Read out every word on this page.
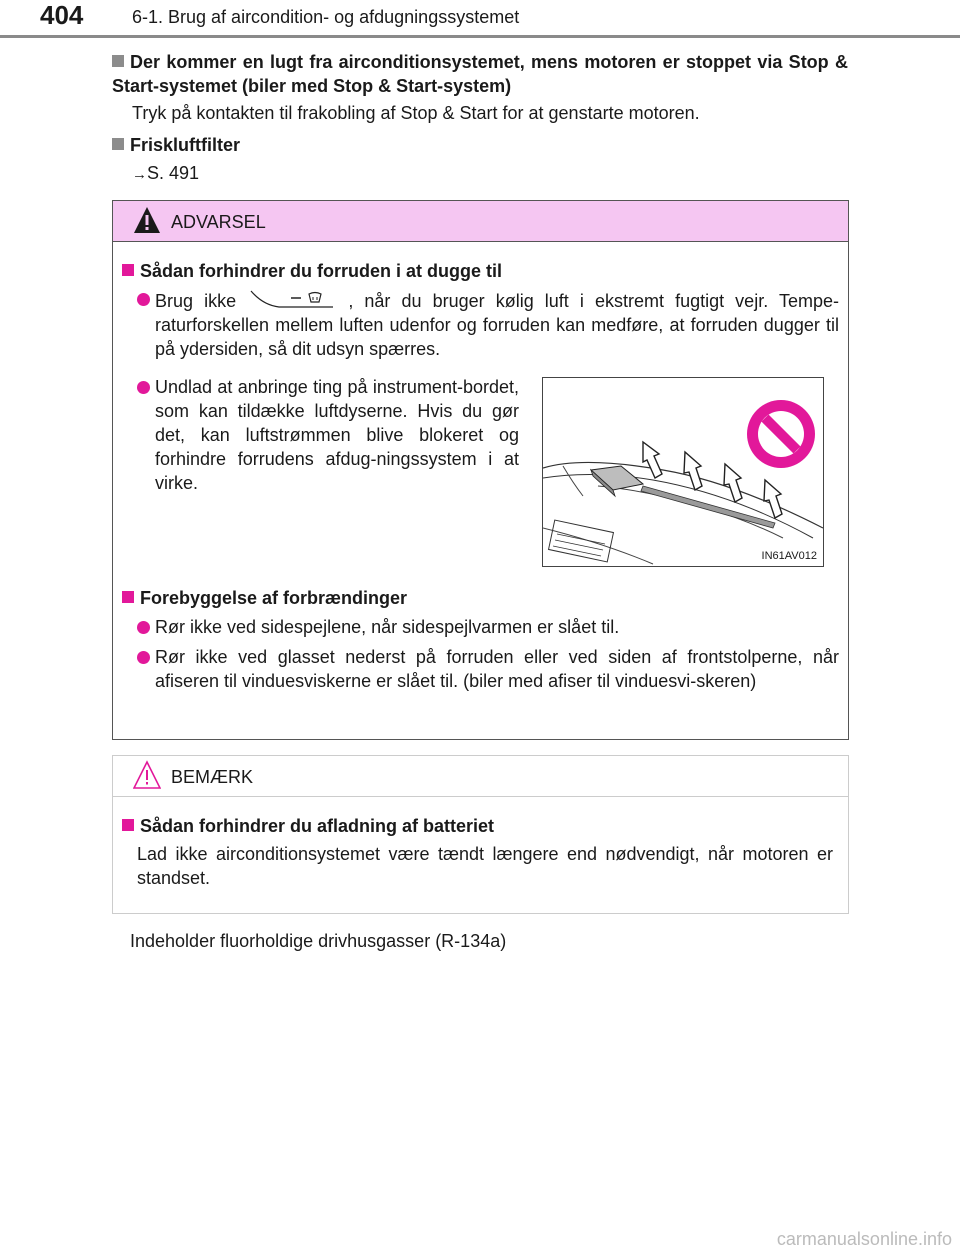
404	6-1. Brug af aircondition- og afdugningssystemet
Der kommer en lugt fra airconditionsystemet, mens motoren er stoppet via Stop & Start-systemet (biler med Stop & Start-system)
Tryk på kontakten til frakobling af Stop & Start for at genstarte motoren.
Friskluftfilter
→S. 491
ADVARSEL
Sådan forhindrer du forruden i at dugge til
Brug ikke	, når du bruger kølig luft i ekstremt fugtigt vejr. Tempe-raturforskellen mellem luften udenfor og forruden kan medføre, at forruden dugger til på ydersiden, så dit udsyn spærres.
Undlad at anbringe ting på instrument-bordet, som kan tildække luftdyserne. Hvis du gør det, kan luftstrømmen blive blokeret og forhindre forrudens afdug-ningssystem i at virke.
IN61AV012
Forebyggelse af forbrændinger
Rør ikke ved sidespejlene, når sidespejlvarmen er slået til.
Rør ikke ved glasset nederst på forruden eller ved siden af frontstolperne, når afiseren til vinduesviskerne er slået til. (biler med afiser til vinduesvi-skeren)
BEMÆRK
Sådan forhindrer du afladning af batteriet
Lad ikke airconditionsystemet være tændt længere end nødvendigt, når motoren er standset.
Indeholder fluorholdige drivhusgasser (R-134a)
carmanualsonline.info
